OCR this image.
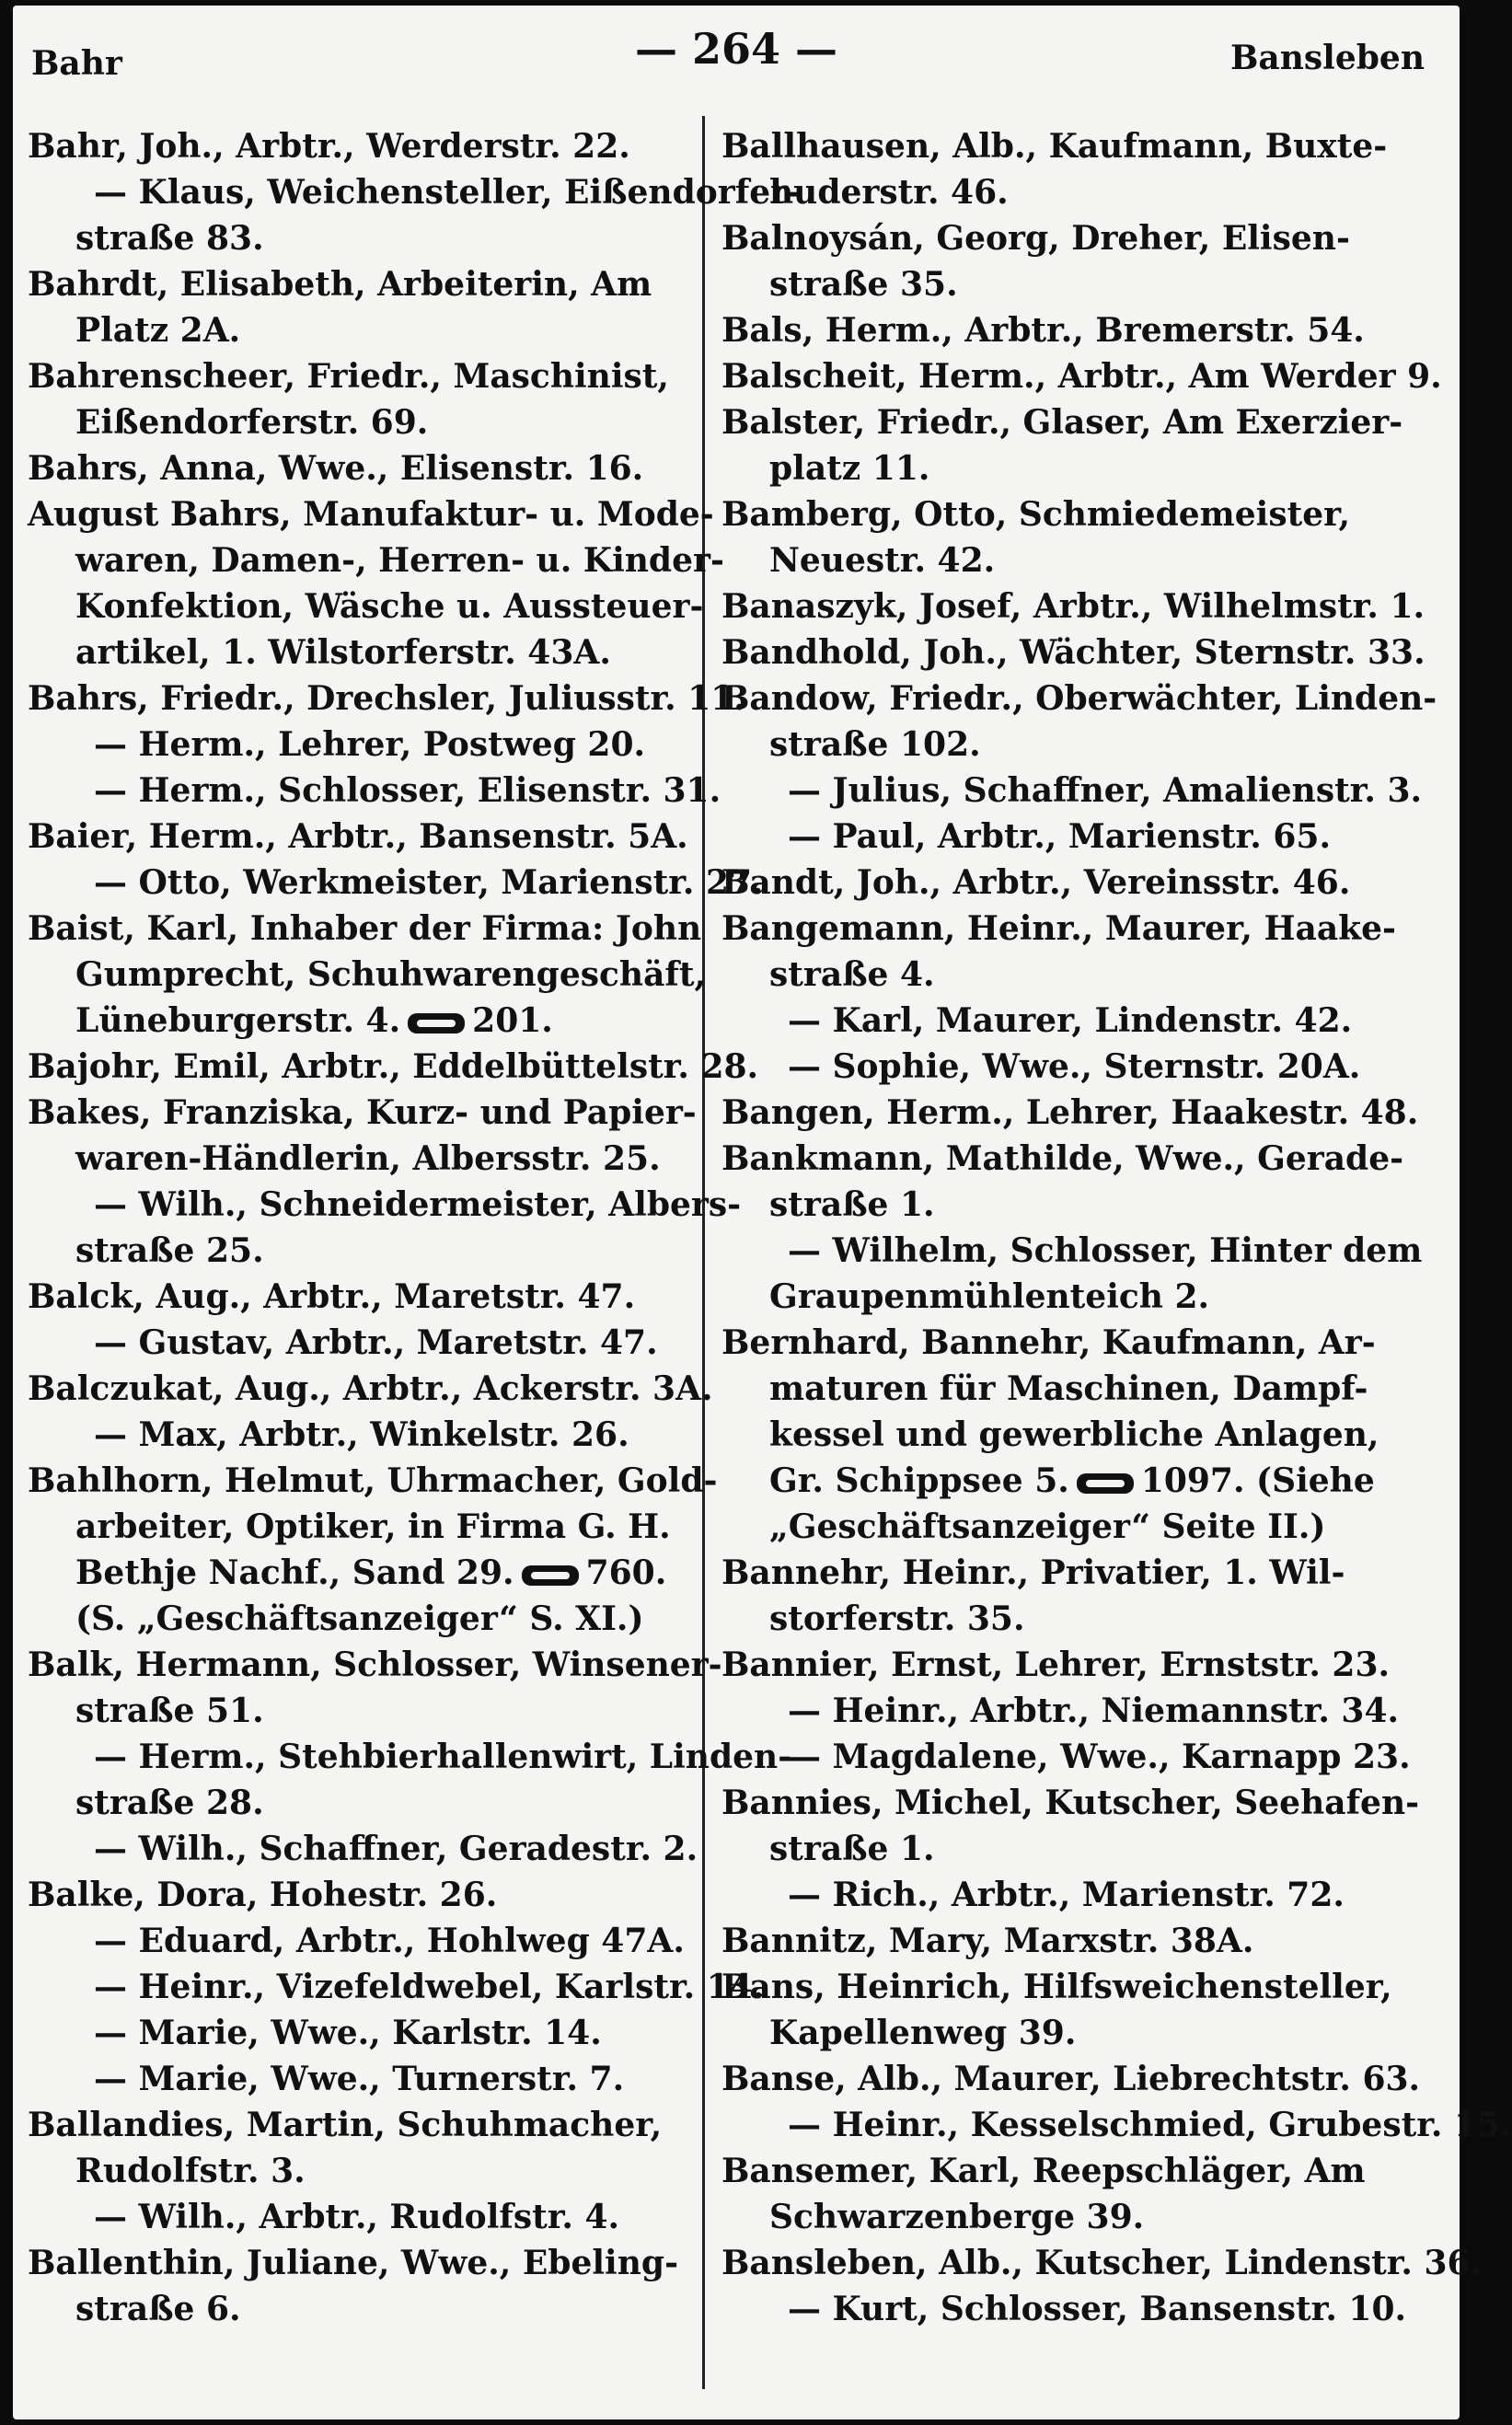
Bahr	— 264 —	Bansleben
Bahr, Joh., Arbtr., Werderstr. 22.
— Klaus, Weichensteller, Eißendorfer-
straße 83.
Bahrdt, Elisabeth, Arbeiterin, Am
Platz 2A.
Bahrenscheer, Friedr., Maschinist,
Eißendorferstr. 69.
Bahrs, Anna, Wwe., Elisenstr. 16.
August Bahrs, Manufaktur- u. Mode-
waren, Damen-, Herren- u. Kinder-
Konfektion, Wäsche u. Aussteuer-
artikel, 1. Wilstorferstr. 43A.
Bahrs, Friedr., Drechsler, Juliusstr. 11.
— Herm., Lehrer, Postweg 20.
— Herm., Schlosser, Elisenstr. 31.
Baier, Herm., Arbtr., Bansenstr. 5A.
— Otto, Werkmeister, Marienstr. 27.
Baist, Karl, Inhaber der Firma: John
Gumprecht, Schuhwarengeschäft,
Lüneburgerstr. 4. 201.
Bajohr, Emil, Arbtr., Eddelbüttelstr. 28.
Bakes, Franziska, Kurz- und Papier-
waren-Händlerin, Albersstr. 25.
— Wilh., Schneidermeister, Albers-
straße 25.
Balck, Aug., Arbtr., Maretstr. 47.
— Gustav, Arbtr., Maretstr. 47.
Balczukat, Aug., Arbtr., Ackerstr. 3A.
— Max, Arbtr., Winkelstr. 26.
Bahlhorn, Helmut, Uhrmacher, Gold-
arbeiter, Optiker, in Firma G. H.
Bethje Nachf., Sand 29. 760.
(S. „Geschäftsanzeiger“ S. XI.)
Balk, Hermann, Schlosser, Winsener-
straße 51.
— Herm., Stehbierhallenwirt, Linden-
straße 28.
— Wilh., Schaffner, Geradestr. 2.
Balke, Dora, Hohestr. 26.
— Eduard, Arbtr., Hohlweg 47A.
— Heinr., Vizefeldwebel, Karlstr. 14.
— Marie, Wwe., Karlstr. 14.
— Marie, Wwe., Turnerstr. 7.
Ballandies, Martin, Schuhmacher,
Rudolfstr. 3.
— Wilh., Arbtr., Rudolfstr. 4.
Ballenthin, Juliane, Wwe., Ebeling-
straße 6.
Ballhausen, Alb., Kaufmann, Buxte-
huderstr. 46.
Balnoysán, Georg, Dreher, Elisen-
straße 35.
Bals, Herm., Arbtr., Bremerstr. 54.
Balscheit, Herm., Arbtr., Am Werder 9.
Balster, Friedr., Glaser, Am Exerzier-
platz 11.
Bamberg, Otto, Schmiedemeister,
Neuestr. 42.
Banaszyk, Josef, Arbtr., Wilhelmstr. 1.
Bandhold, Joh., Wächter, Sternstr. 33.
Bandow, Friedr., Oberwächter, Linden-
straße 102.
— Julius, Schaffner, Amalienstr. 3.
— Paul, Arbtr., Marienstr. 65.
Bandt, Joh., Arbtr., Vereinsstr. 46.
Bangemann, Heinr., Maurer, Haake-
straße 4.
— Karl, Maurer, Lindenstr. 42.
— Sophie, Wwe., Sternstr. 20A.
Bangen, Herm., Lehrer, Haakestr. 48.
Bankmann, Mathilde, Wwe., Gerade-
straße 1.
— Wilhelm, Schlosser, Hinter dem
Graupenmühlenteich 2.
Bernhard, Bannehr, Kaufmann, Ar-
maturen für Maschinen, Dampf-
kessel und gewerbliche Anlagen,
Gr. Schippsee 5. 1097. (Siehe
„Geschäftsanzeiger“ Seite II.)
Bannehr, Heinr., Privatier, 1. Wil-
storferstr. 35.
Bannier, Ernst, Lehrer, Ernststr. 23.
— Heinr., Arbtr., Niemannstr. 34.
— Magdalene, Wwe., Karnapp 23.
Bannies, Michel, Kutscher, Seehafen-
straße 1.
— Rich., Arbtr., Marienstr. 72.
Bannitz, Mary, Marxstr. 38A.
Bans, Heinrich, Hilfsweichensteller,
Kapellenweg 39.
Banse, Alb., Maurer, Liebrechtstr. 63.
— Heinr., Kesselschmied, Grubestr. 15.
Bansemer, Karl, Reepschläger, Am
Schwarzenberge 39.
Bansleben, Alb., Kutscher, Lindenstr. 36.
— Kurt, Schlosser, Bansenstr. 10.
